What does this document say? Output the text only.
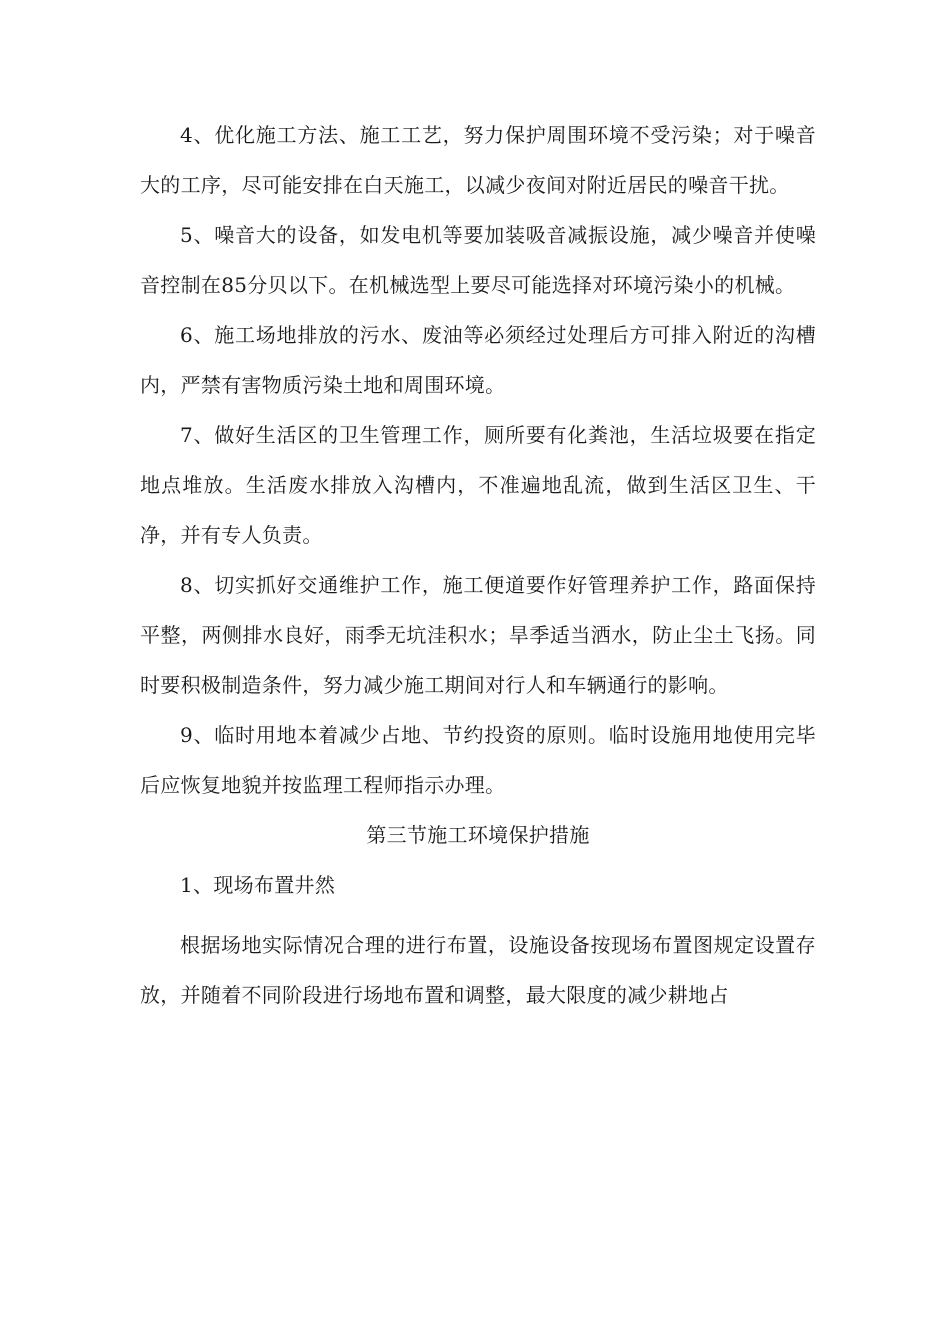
4、优化施工方法、施工工艺，努力保护周围环境不受污染；对于噪音大的工序，尽可能安排在白天施工，以减少夜间对附近居民的噪音干扰。

5、噪音大的设备，如发电机等要加装吸音减振设施，减少噪音并使噪音控制在85分贝以下。在机械选型上要尽可能选择对环境污染小的机械。

6、施工场地排放的污水、废油等必须经过处理后方可排入附近的沟槽内，严禁有害物质污染土地和周围环境。

7、做好生活区的卫生管理工作，厕所要有化粪池，生活垃圾要在指定地点堆放。生活废水排放入沟槽内，不准遍地乱流，做到生活区卫生、干净，并有专人负责。

8、切实抓好交通维护工作，施工便道要作好管理养护工作，路面保持平整，两侧排水良好，雨季无坑洼积水；旱季适当洒水，防止尘土飞扬。同时要积极制造条件，努力减少施工期间对行人和车辆通行的影响。

9、临时用地本着减少占地、节约投资的原则。临时设施用地使用完毕后应恢复地貌并按监理工程师指示办理。

第三节施工环境保护措施

1、现场布置井然

根据场地实际情况合理的进行布置，设施设备按现场布置图规定设置存放，并随着不同阶段进行场地布置和调整，最大限度的减少耕地占
